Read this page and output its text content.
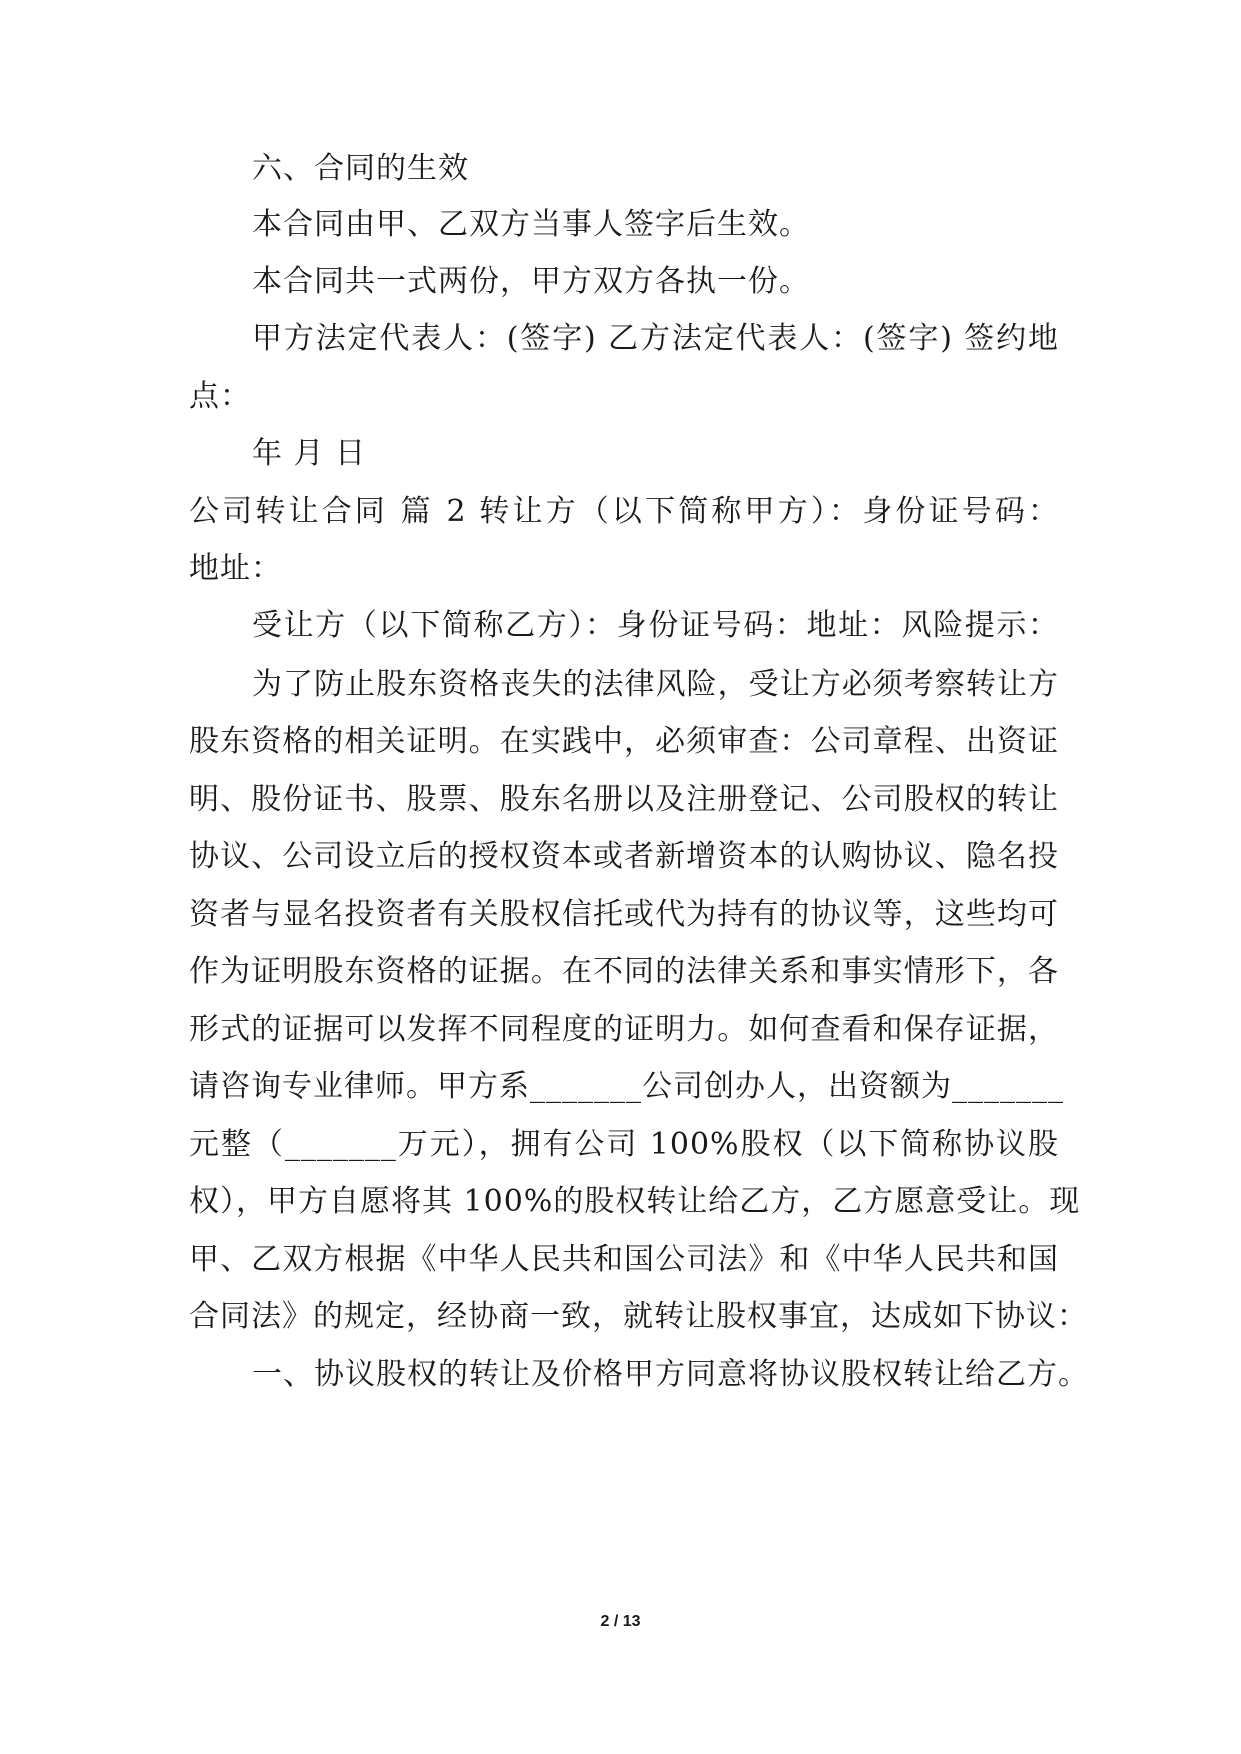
六、合同的生效
本合同由甲、乙双方当事人签字后生效。
本合同共一式两份，甲方双方各执一份。
甲方法定代表人：(签字) 乙方法定代表人：(签字) 签约地
点：
年 月 日
公司转让合同 篇 2 转让方（以下简称甲方）：身份证号码：
地址：
受让方（以下简称乙方）：身份证号码：地址：风险提示：
为了防止股东资格丧失的法律风险，受让方必须考察转让方
股东资格的相关证明。在实践中，必须审查：公司章程、出资证
明、股份证书、股票、股东名册以及注册登记、公司股权的转让
协议、公司设立后的授权资本或者新增资本的认购协议、隐名投
资者与显名投资者有关股权信托或代为持有的协议等，这些均可
作为证明股东资格的证据。在不同的法律关系和事实情形下，各
形式的证据可以发挥不同程度的证明力。如何查看和保存证据，
请咨询专业律师。甲方系_______公司创办人，出资额为_______
元整（_______万元），拥有公司 100%股权（以下简称协议股
权），甲方自愿将其 100%的股权转让给乙方，乙方愿意受让。现
甲、乙双方根据《中华人民共和国公司法》和《中华人民共和国
合同法》的规定，经协商一致，就转让股权事宜，达成如下协议：
一、协议股权的转让及价格甲方同意将协议股权转让给乙方。
2 / 13
